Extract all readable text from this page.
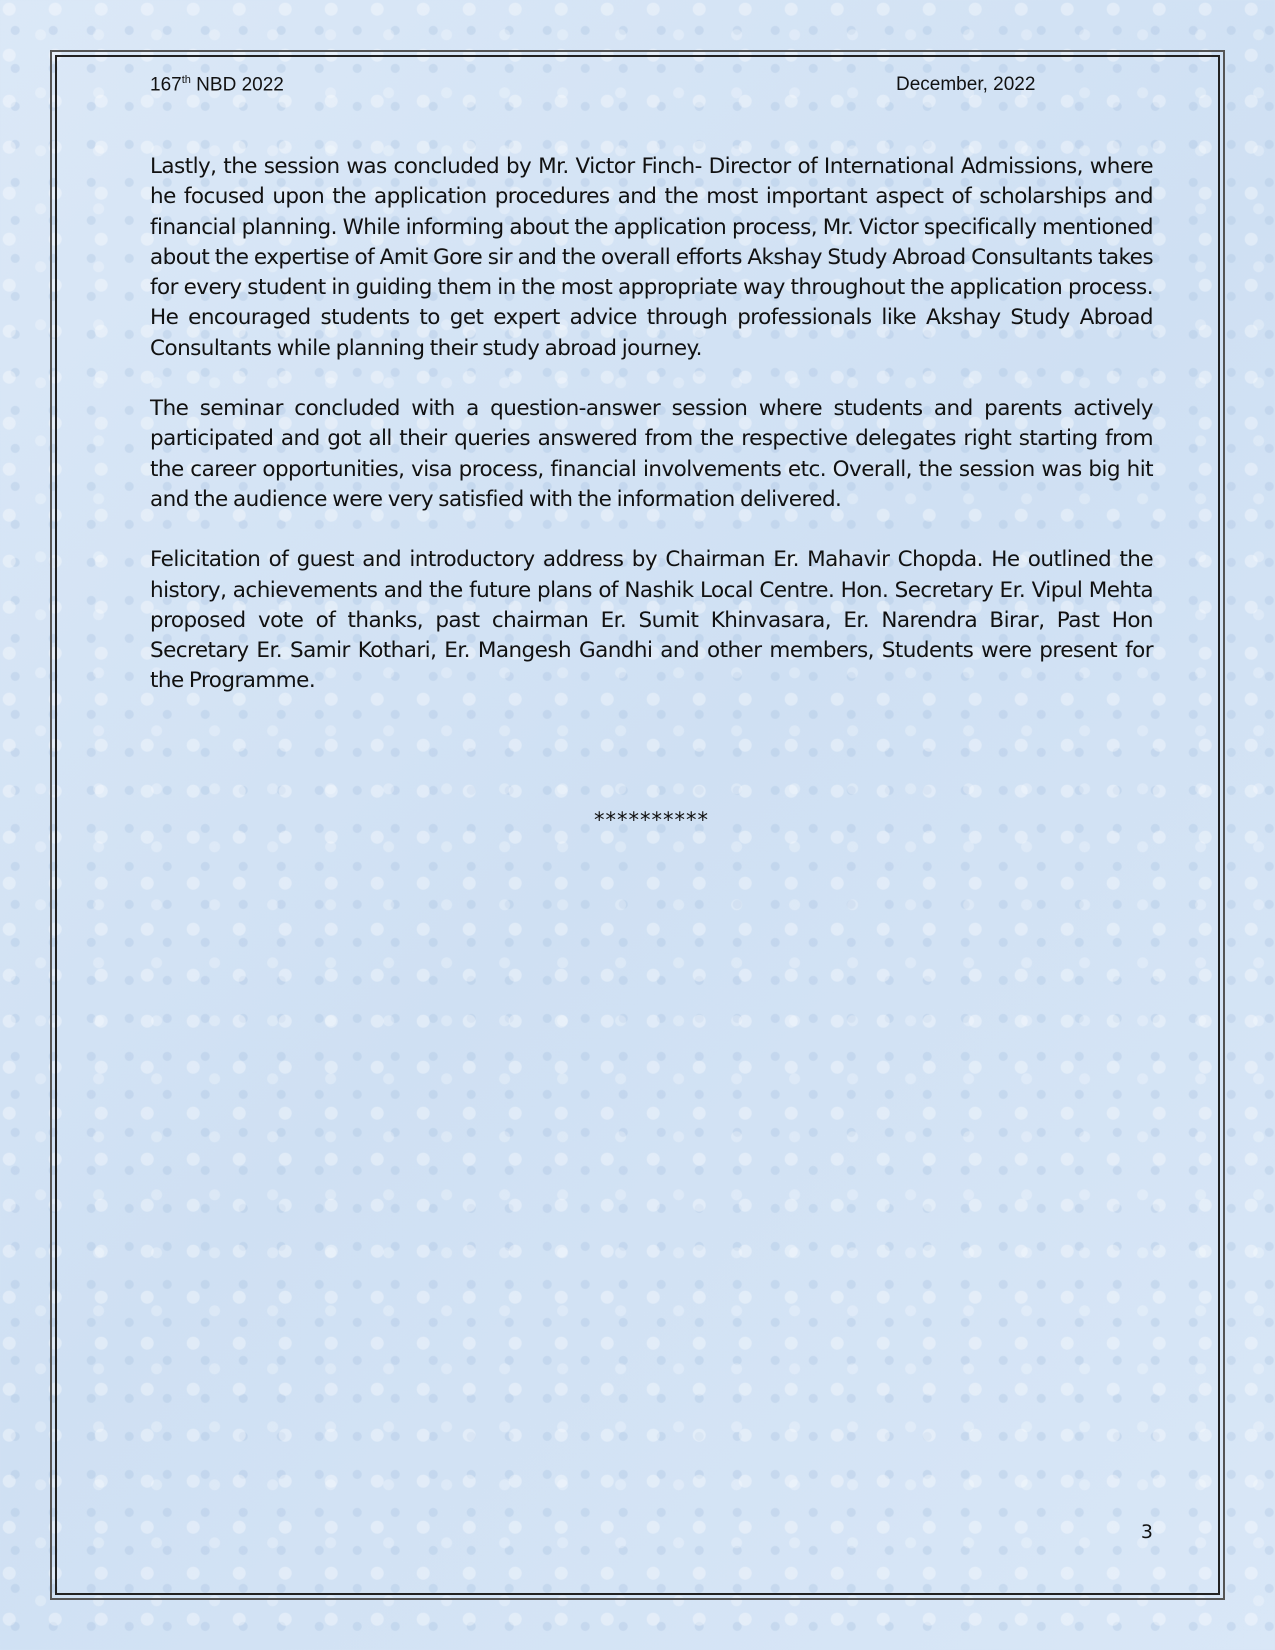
167th NBD 2022	December, 2022

Lastly, the session was concluded by Mr. Victor Finch- Director of International Admissions, where he focused upon the application procedures and the most important aspect of scholarships and financial planning. While informing about the application process, Mr. Victor specifically mentioned about the expertise of Amit Gore sir and the overall efforts Akshay Study Abroad Consultants takes for every student in guiding them in the most appropriate way throughout the application process. He encouraged students to get expert advice through professionals like Akshay Study Abroad Consultants while planning their study abroad journey.

The seminar concluded with a question-answer session where students and parents actively participated and got all their queries answered from the respective delegates right starting from the career opportunities, visa process, financial involvements etc. Overall, the session was big hit and the audience were very satisfied with the information delivered.

Felicitation of guest and introductory address by Chairman Er. Mahavir Chopda. He outlined the history, achievements and the future plans of Nashik Local Centre. Hon. Secretary Er. Vipul Mehta proposed vote of thanks, past chairman Er. Sumit Khinvasara, Er. Narendra Birar, Past Hon Secretary Er. Samir Kothari, Er. Mangesh Gandhi and other members, Students were present for the Programme.

**********
3
